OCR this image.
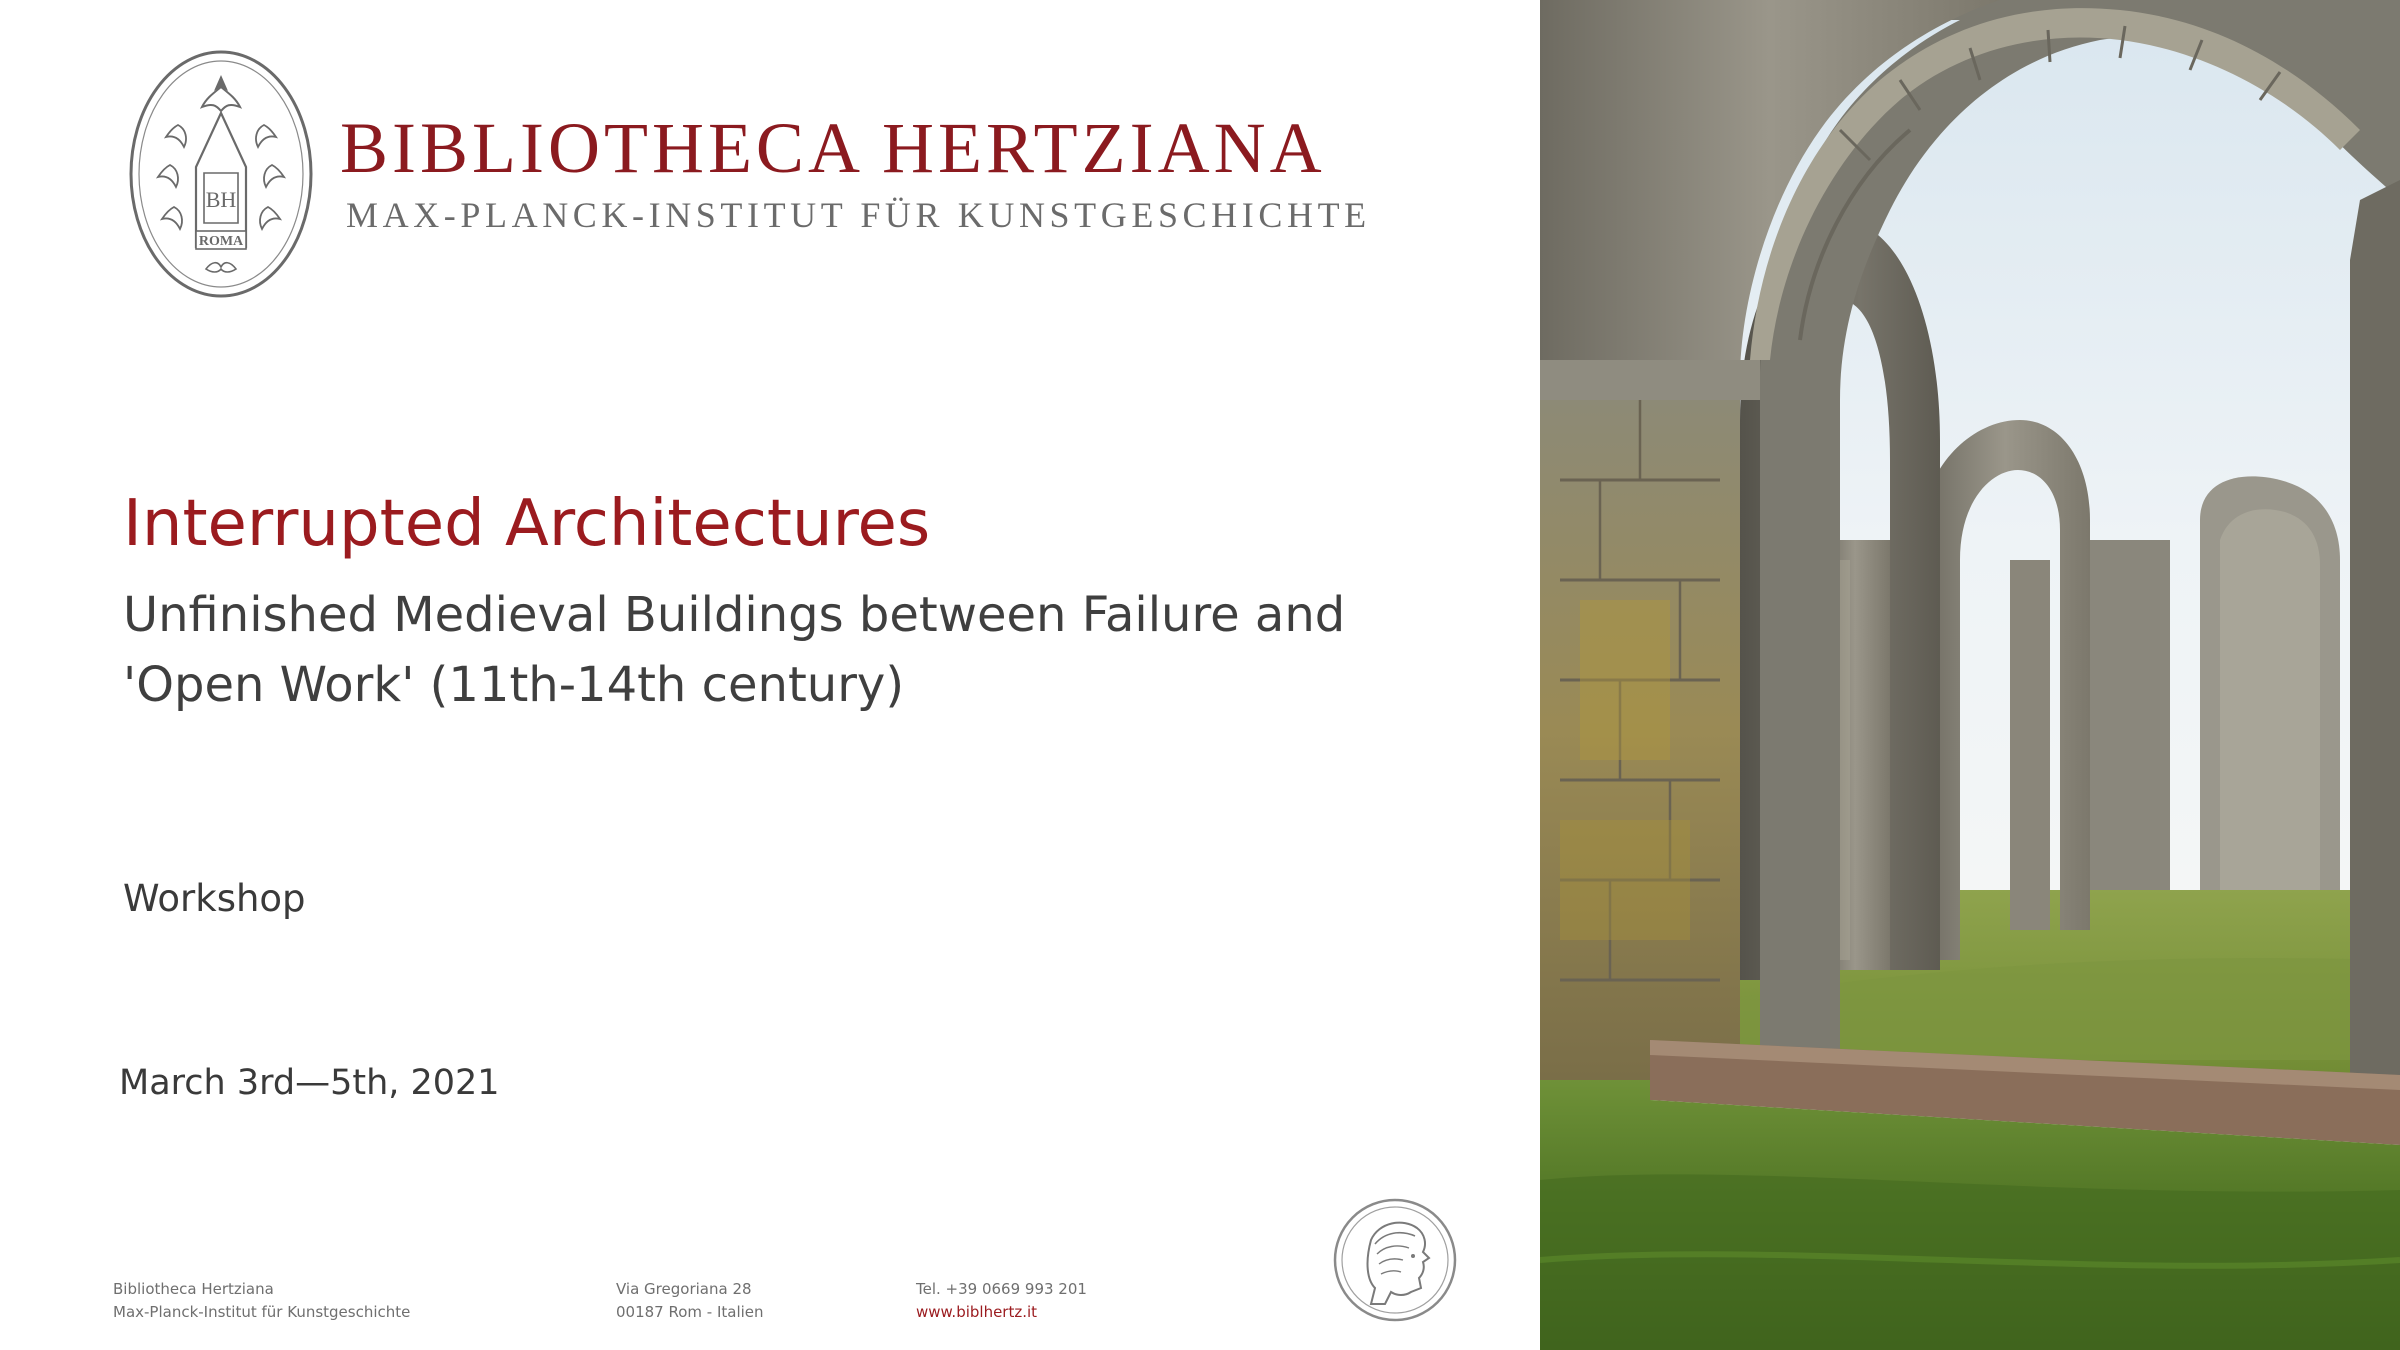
BH
ROMA
BIBLIOTHECA HERTZIANA
MAX-PLANCK-INSTITUT FÜR KUNSTGESCHICHTE
Interrupted Architectures
Unfinished Medieval Buildings between Failure and 'Open Work' (11th-14th century)
Workshop
March 3rd—5th, 2021
Bibliotheca Hertziana
Max-Planck-Institut für Kunstgeschichte
Via Gregoriana 28
00187 Rom - Italien
Tel. +39 0669 993 201
www.biblhertz.it
